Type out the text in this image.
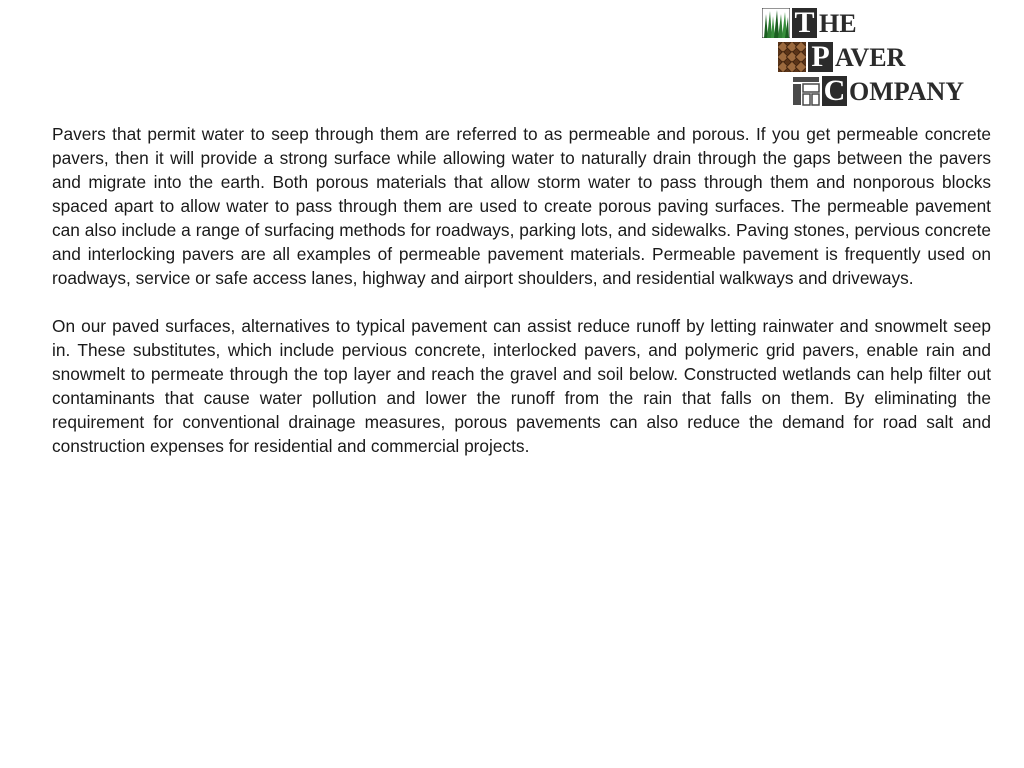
T HE
P AVER
C OMPANY

Pavers that permit water to seep through them are referred to as permeable and porous. If you get permeable concrete pavers, then it will provide a strong surface while allowing water to naturally drain through the gaps between the pavers and migrate into the earth. Both porous materials that allow storm water to pass through them and nonporous blocks spaced apart to allow water to pass through them are used to create porous paving surfaces. The permeable pavement can also include a range of surfacing methods for roadways, parking lots, and sidewalks. Paving stones, pervious concrete and interlocking pavers are all examples of permeable pavement materials. Permeable pavement is frequently used on roadways, service or safe access lanes, highway and airport shoulders, and residential walkways and driveways.

On our paved surfaces, alternatives to typical pavement can assist reduce runoff by letting rainwater and snowmelt seep in. These substitutes, which include pervious concrete, interlocked pavers, and polymeric grid pavers, enable rain and snowmelt to permeate through the top layer and reach the gravel and soil below. Constructed wetlands can help filter out contaminants that cause water pollution and lower the runoff from the rain that falls on them. By eliminating the requirement for conventional drainage measures, porous pavements can also reduce the demand for road salt and construction expenses for residential and commercial projects.
